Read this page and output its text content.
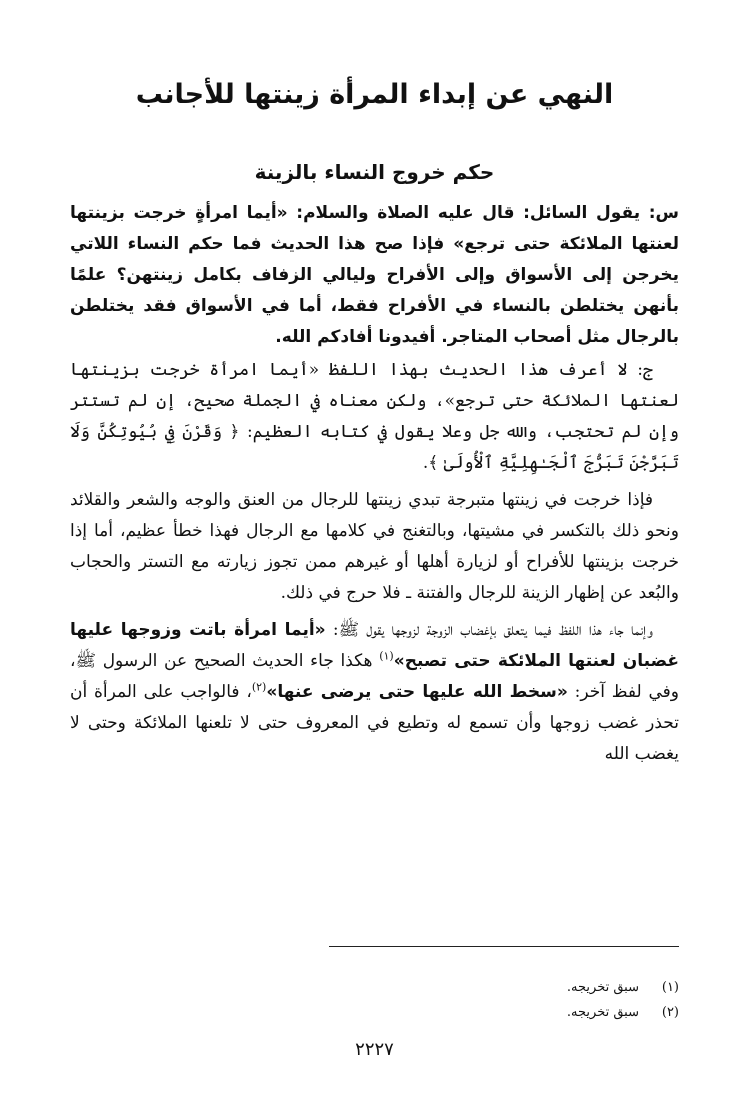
النهي عن إبداء المرأة زينتها للأجانب
حكم خروج النساء بالزينة

س: يقول السائل: قال عليه الصلاة والسلام: «أيما امرأةٍ خرجت بزينتها لعنتها الملائكة حتى ترجع» فإذا صح هذا الحديث فما حكم النساء اللاتي يخرجن إلى الأسواق وإلى الأفراح وليالي الزفاف بكامل زينتهن؟ علمًا بأنهن يختلطن بالنساء في الأفراح فقط، أما في الأسواق فقد يختلطن بالرجال مثل أصحاب المتاجر. أفيدونا أفادكم الله.

ج: لا أعرف هذا الحديث بهذا اللفظ «أيما امرأة خرجت بزينتها لعنتها الملائكة حتى ترجع»، ولكن معناه في الجملة صحيح، إن لم تستتر وإن لم تحتجب، والله جل وعلا يقول في كتابه العظيم: ﴿ وَقَرْنَ فِي بُيُوتِكُنَّ وَلَا تَبَرَّجْنَ تَبَرُّجَ ٱلْجَـٰهِلِيَّةِ ٱلْأُولَىٰ ﴾.

فإذا خرجت في زينتها متبرجة تبدي زينتها للرجال من العنق والوجه والشعر والقلائد ونحو ذلك بالتكسر في مشيتها، وبالتغنج في كلامها مع الرجال فهذا خطأ عظيم، أما إذا خرجت بزينتها للأفراح أو لزيارة أهلها أو غيرهم ممن تجوز زيارته مع التستر والحجاب والبُعد عن إظهار الزينة للرجال والفتنة ـ فلا حرج في ذلك.

وإنما جاء هذا اللفظ فيما يتعلق بإغضاب الزوجة لزوجها يقول ﷺ: «أيما امرأة باتت وزوجها عليها غضبان لعنتها الملائكة حتى تصبح»$^{(١)}$ هكذا جاء الحديث الصحيح عن الرسول ﷺ، وفي لفظ آخر: «سخط الله عليها حتى يرضى عنها»$^{(٢)}$، فالواجب على المرأة أن تحذر غضب زوجها وأن تسمع له وتطيع في المعروف حتى لا تلعنها الملائكة وحتى لا يغضب الله

(١)
سبق تخريجه.
(٢)
سبق تخريجه.
٢٢٢٧
